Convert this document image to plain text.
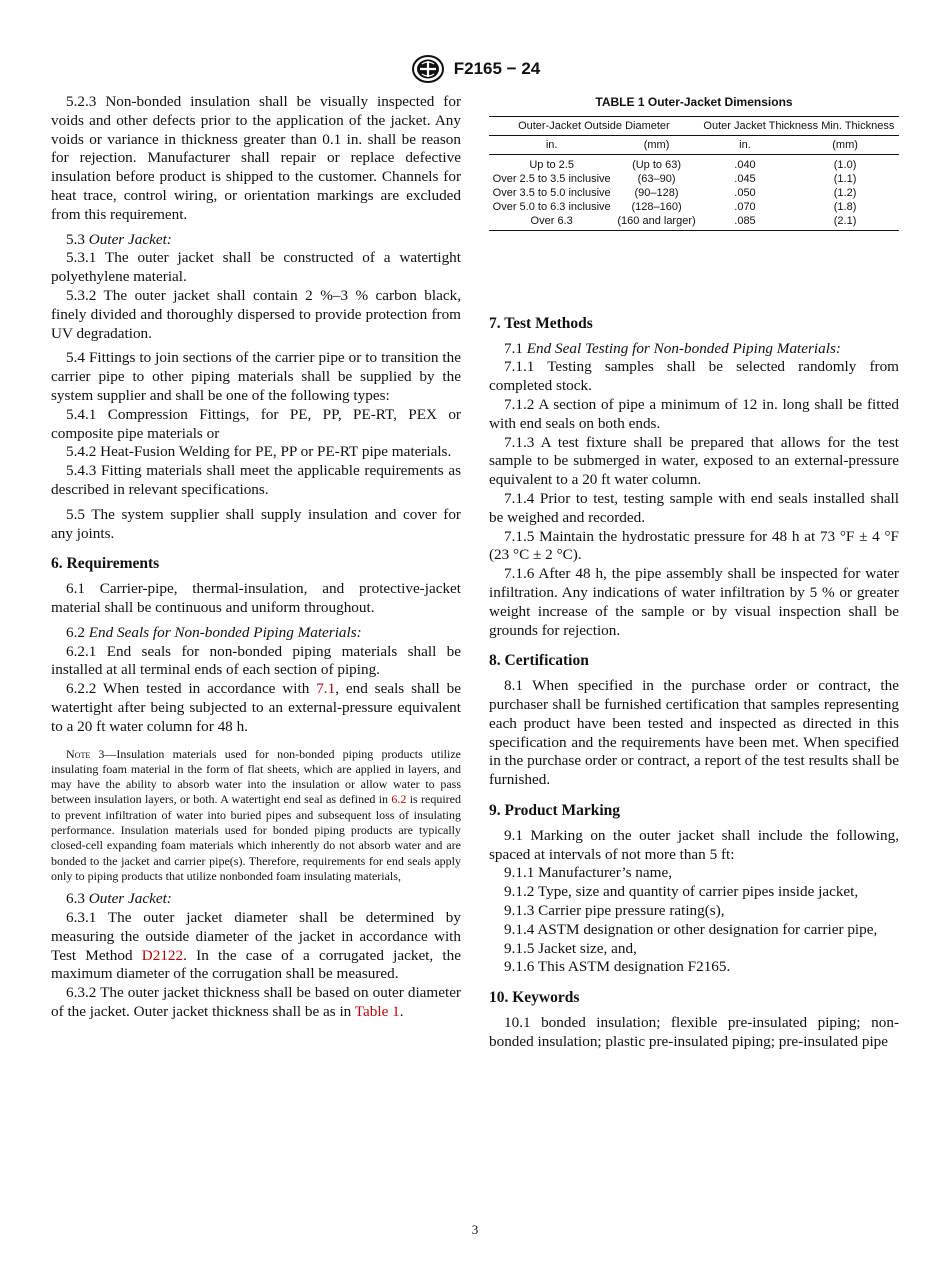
F2165 − 24

5.2.3 Non-bonded insulation shall be visually inspected for voids and other defects prior to the application of the jacket. Any voids or variance in thickness greater than 0.1 in. shall be reason for rejection. Manufacturer shall repair or replace defective insulation before product is shipped to the customer. Channels for heat trace, control wiring, or orientation markings are excluded from this requirement.

5.3 Outer Jacket:

5.3.1 The outer jacket shall be constructed of a watertight polyethylene material.

5.3.2 The outer jacket shall contain 2 %–3 % carbon black, finely divided and thoroughly dispersed to provide protection from UV degradation.

5.4 Fittings to join sections of the carrier pipe or to transition the carrier pipe to other piping materials shall be supplied by the system supplier and shall be one of the following types:

5.4.1 Compression Fittings, for PE, PP, PE-RT, PEX or composite pipe materials or

5.4.2 Heat-Fusion Welding for PE, PP or PE-RT pipe materials.

5.4.3 Fitting materials shall meet the applicable requirements as described in relevant specifications.

5.5 The system supplier shall supply insulation and cover for any joints.

6. Requirements

6.1 Carrier-pipe, thermal-insulation, and protective-jacket material shall be continuous and uniform throughout.

6.2 End Seals for Non-bonded Piping Materials:

6.2.1 End seals for non-bonded piping materials shall be installed at all terminal ends of each section of piping.

6.2.2 When tested in accordance with 7.1, end seals shall be watertight after being subjected to an external-pressure equivalent to a 20 ft water column for 48 h.

Note 3—Insulation materials used for non-bonded piping products utilize insulating foam material in the form of flat sheets, which are applied in layers, and may have the ability to absorb water into the insulation or allow water to pass between insulation layers, or both. A watertight end seal as defined in 6.2 is required to prevent infiltration of water into buried pipes and subsequent loss of insulating performance. Insulation materials used for bonded piping products are typically closed-cell expanding foam materials which inherently do not absorb water and are bonded to the jacket and carrier pipe(s). Therefore, requirements for end seals apply only to piping products that utilize nonbonded foam insulating materials,

6.3 Outer Jacket:

6.3.1 The outer jacket diameter shall be determined by measuring the outside diameter of the jacket in accordance with Test Method D2122. In the case of a corrugated jacket, the maximum diameter of the corrugation shall be measured.

6.3.2 The outer jacket thickness shall be based on outer diameter of the jacket. Outer jacket thickness shall be as in Table 1.

TABLE 1 Outer-Jacket Dimensions

Outer-Jacket Outside Diameter		Outer Jacket Thickness Min. Thickness	
in.	(mm)	in.	(mm)
Up to 2.5	(Up to 63)	.040	(1.0)
Over 2.5 to 3.5 inclusive	(63–90)	.045	(1.1)
Over 3.5 to 5.0 inclusive	(90–128)	.050	(1.2)
Over 5.0 to 6.3 inclusive	(128–160)	.070	(1.8)
Over 6.3	(160 and larger)	.085	(2.1)

7. Test Methods

7.1 End Seal Testing for Non-bonded Piping Materials:

7.1.1 Testing samples shall be selected randomly from completed stock.

7.1.2 A section of pipe a minimum of 12 in. long shall be fitted with end seals on both ends.

7.1.3 A test fixture shall be prepared that allows for the test sample to be submerged in water, exposed to an external-pressure equivalent to a 20 ft water column.

7.1.4 Prior to test, testing sample with end seals installed shall be weighed and recorded.

7.1.5 Maintain the hydrostatic pressure for 48 h at 73 °F ± 4 °F (23 °C ± 2 °C).

7.1.6 After 48 h, the pipe assembly shall be inspected for water infiltration. Any indications of water infiltration by 5 % or greater weight increase of the sample or by visual inspection shall be grounds for rejection.

8. Certification

8.1 When specified in the purchase order or contract, the purchaser shall be furnished certification that samples representing each product have been tested and inspected as directed in this specification and the requirements have been met. When specified in the purchase order or contract, a report of the test results shall be furnished.

9. Product Marking

9.1 Marking on the outer jacket shall include the following, spaced at intervals of not more than 5 ft:

9.1.1 Manufacturer’s name,

9.1.2 Type, size and quantity of carrier pipes inside jacket,

9.1.3 Carrier pipe pressure rating(s),

9.1.4 ASTM designation or other designation for carrier pipe,

9.1.5 Jacket size, and,

9.1.6 This ASTM designation F2165.

10. Keywords

10.1 bonded insulation; flexible pre-insulated piping; non-bonded insulation; plastic pre-insulated piping; pre-insulated pipe

3
